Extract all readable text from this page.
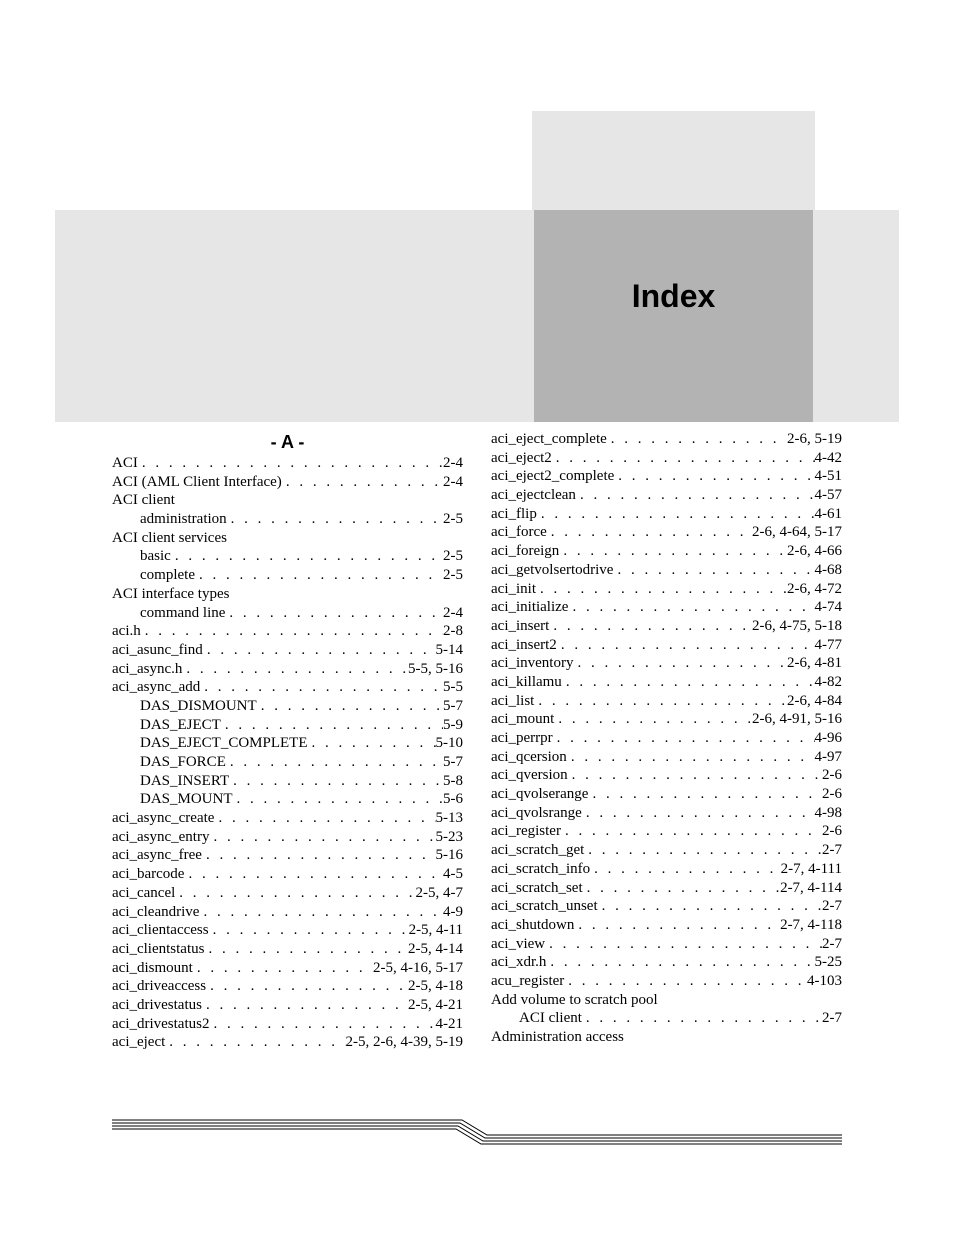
Index
- A -
ACI . . .	2-4
ACI (AML Client Interface) . . .	2-4
ACI client
administration . . .	2-5
ACI client services
basic . . .	2-5
complete . . .	2-5
ACI interface types
command line . . .	2-4
aci.h . . .	2-8
aci_asunc_find . . .	5-14
aci_async.h . . .	5-5, 5-16
aci_async_add . . .	5-5
DAS_DISMOUNT . . .	5-7
DAS_EJECT . . .	5-9
DAS_EJECT_COMPLETE . . .	5-10
DAS_FORCE . . .	5-7
DAS_INSERT . . .	5-8
DAS_MOUNT . . .	5-6
aci_async_create . . .	5-13
aci_async_entry . . .	5-23
aci_async_free . . .	5-16
aci_barcode . . .	4-5
aci_cancel . . .	2-5, 4-7
aci_cleandrive . . .	4-9
aci_clientaccess . . .	2-5, 4-11
aci_clientstatus . . .	2-5, 4-14
aci_dismount . . .	2-5, 4-16, 5-17
aci_driveaccess . . .	2-5, 4-18
aci_drivestatus . . .	2-5, 4-21
aci_drivestatus2 . . .	4-21
aci_eject . . .	2-5, 2-6, 4-39, 5-19
aci_eject_complete . . .	2-6, 5-19
aci_eject2 . . .	4-42
aci_eject2_complete . . .	4-51
aci_ejectclean . . .	4-57
aci_flip . . .	4-61
aci_force . . .	2-6, 4-64, 5-17
aci_foreign . . .	2-6, 4-66
aci_getvolsertodrive . . .	4-68
aci_init . . .	2-6, 4-72
aci_initialize . . .	4-74
aci_insert . . .	2-6, 4-75, 5-18
aci_insert2 . . .	4-77
aci_inventory . . .	2-6, 4-81
aci_killamu . . .	4-82
aci_list . . .	2-6, 4-84
aci_mount . . .	2-6, 4-91, 5-16
aci_perrpr . . .	4-96
aci_qcersion . . .	4-97
aci_qversion . . .	2-6
aci_qvolserange . . .	2-6
aci_qvolsrange . . .	4-98
aci_register . . .	2-6
aci_scratch_get . . .	2-7
aci_scratch_info . . .	2-7, 4-111
aci_scratch_set . . .	2-7, 4-114
aci_scratch_unset . . .	2-7
aci_shutdown . . .	2-7, 4-118
aci_view . . .	2-7
aci_xdr.h . . .	5-25
acu_register . . .	4-103
Add volume to scratch pool
ACI client . . .	2-7
Administration access
